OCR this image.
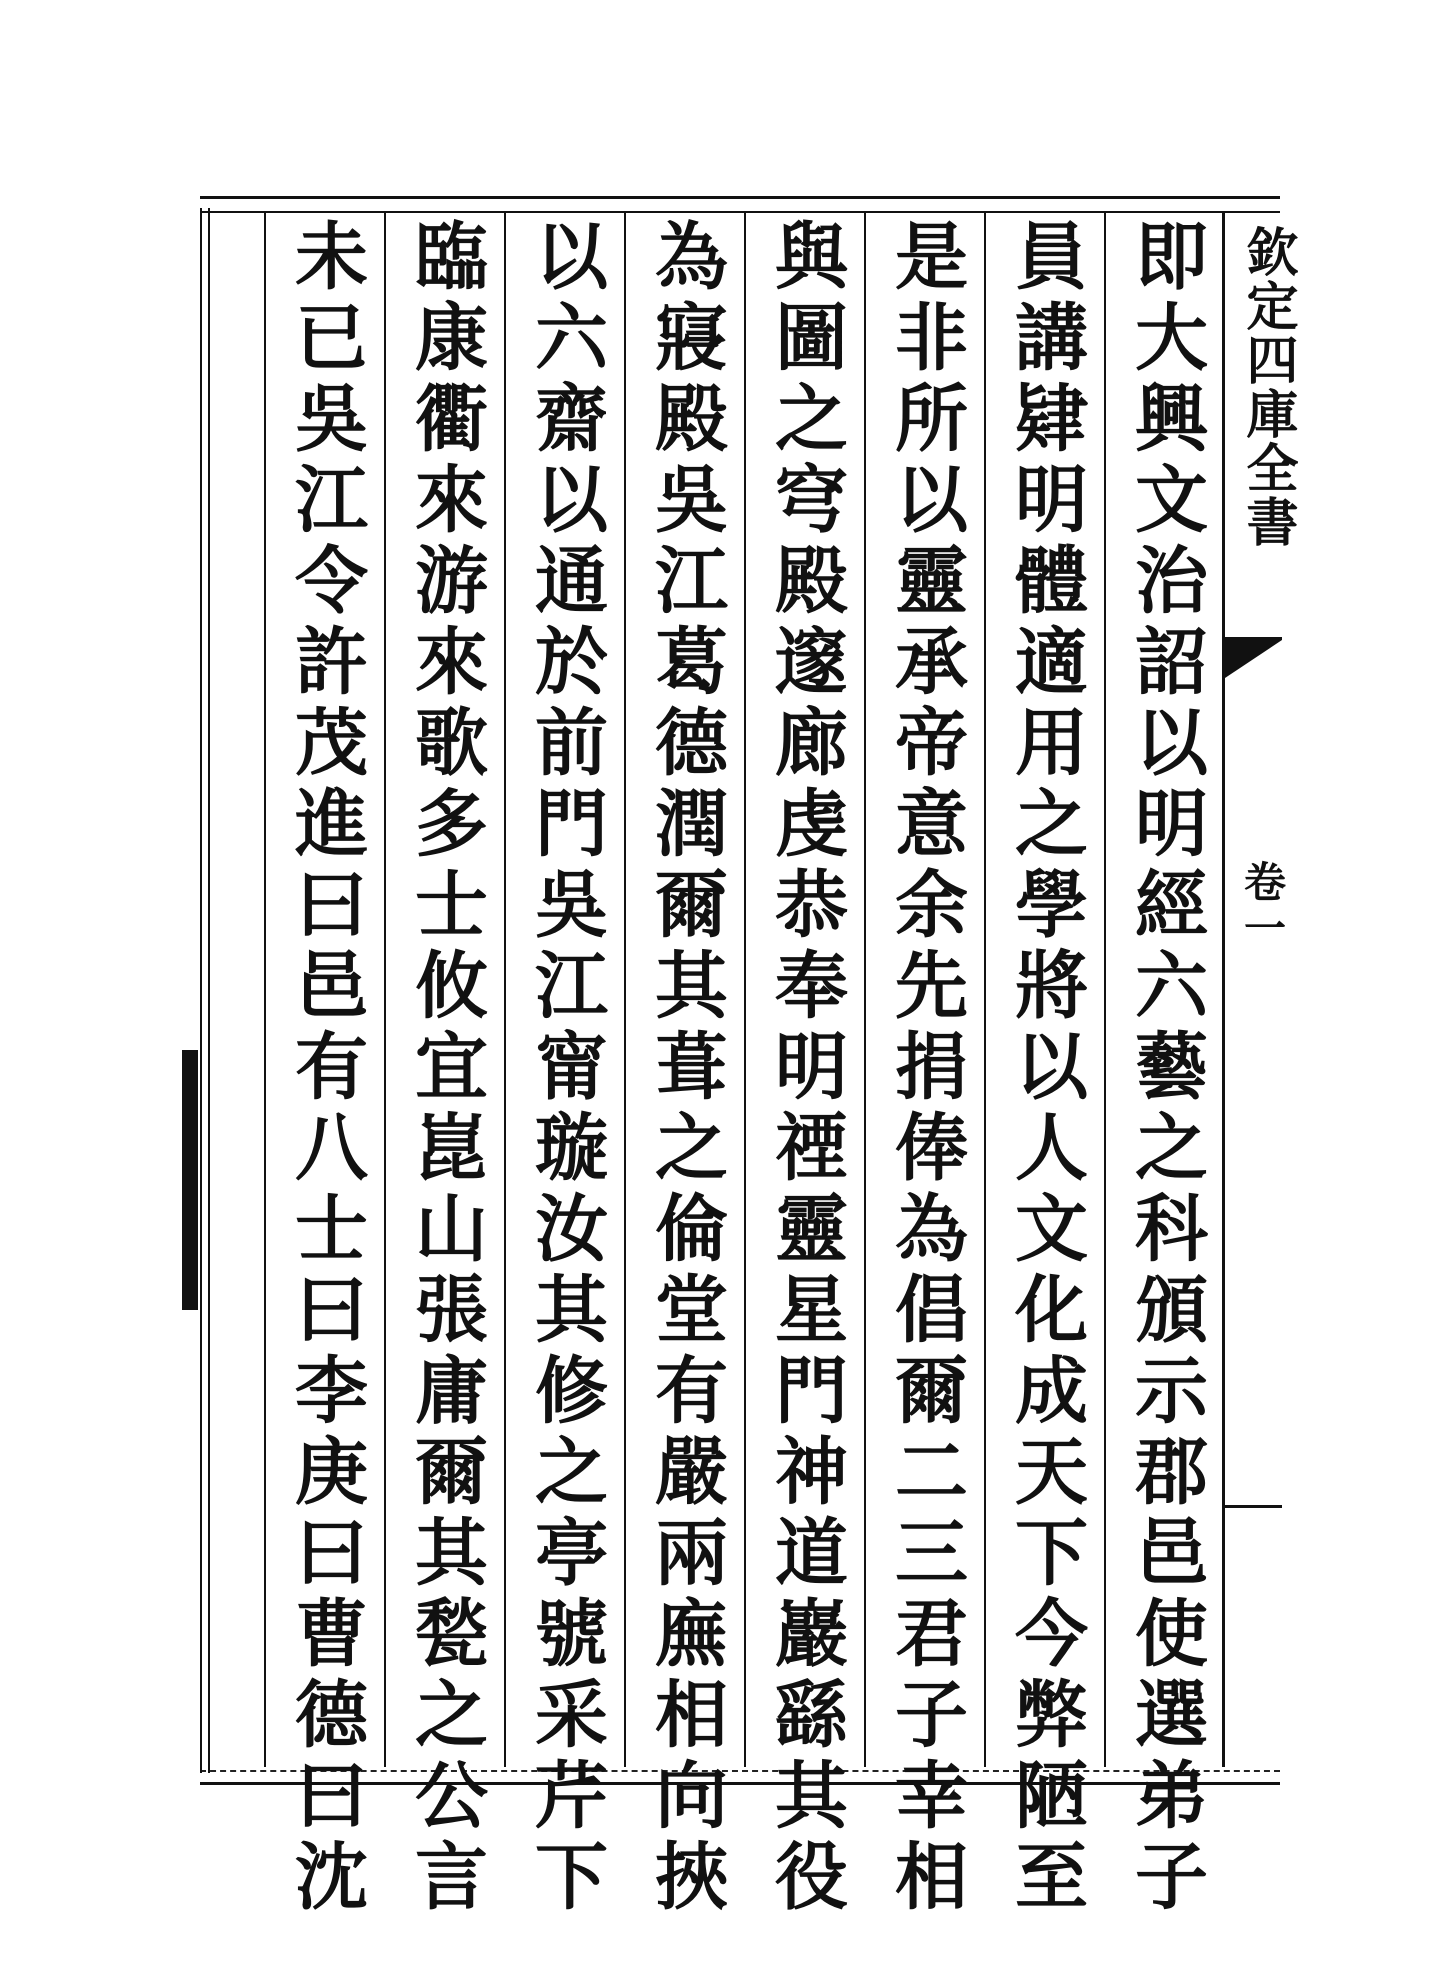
欽定四庫全書
卷一
即大興文治詔以明經六藝之科頒示郡邑使選弟子
員講肄明體適用之學將以人文化成天下今弊陋至
是非所以靈承帝意余先捐俸為倡爾二三君子幸相
與圖之穹殿邃廊虔恭奉明禋靈星門神道巖繇其役
為寢殿吳江葛德潤爾其葺之倫堂有嚴兩廡相向挾
以六齋以通於前門吳江甯璇汝其修之亭號采芹下
臨康衢來游來歌多士攸宜崑山張庸爾其甃之公言
未已吳江令許茂進曰邑有八士曰李庚曰曹德曰沈
